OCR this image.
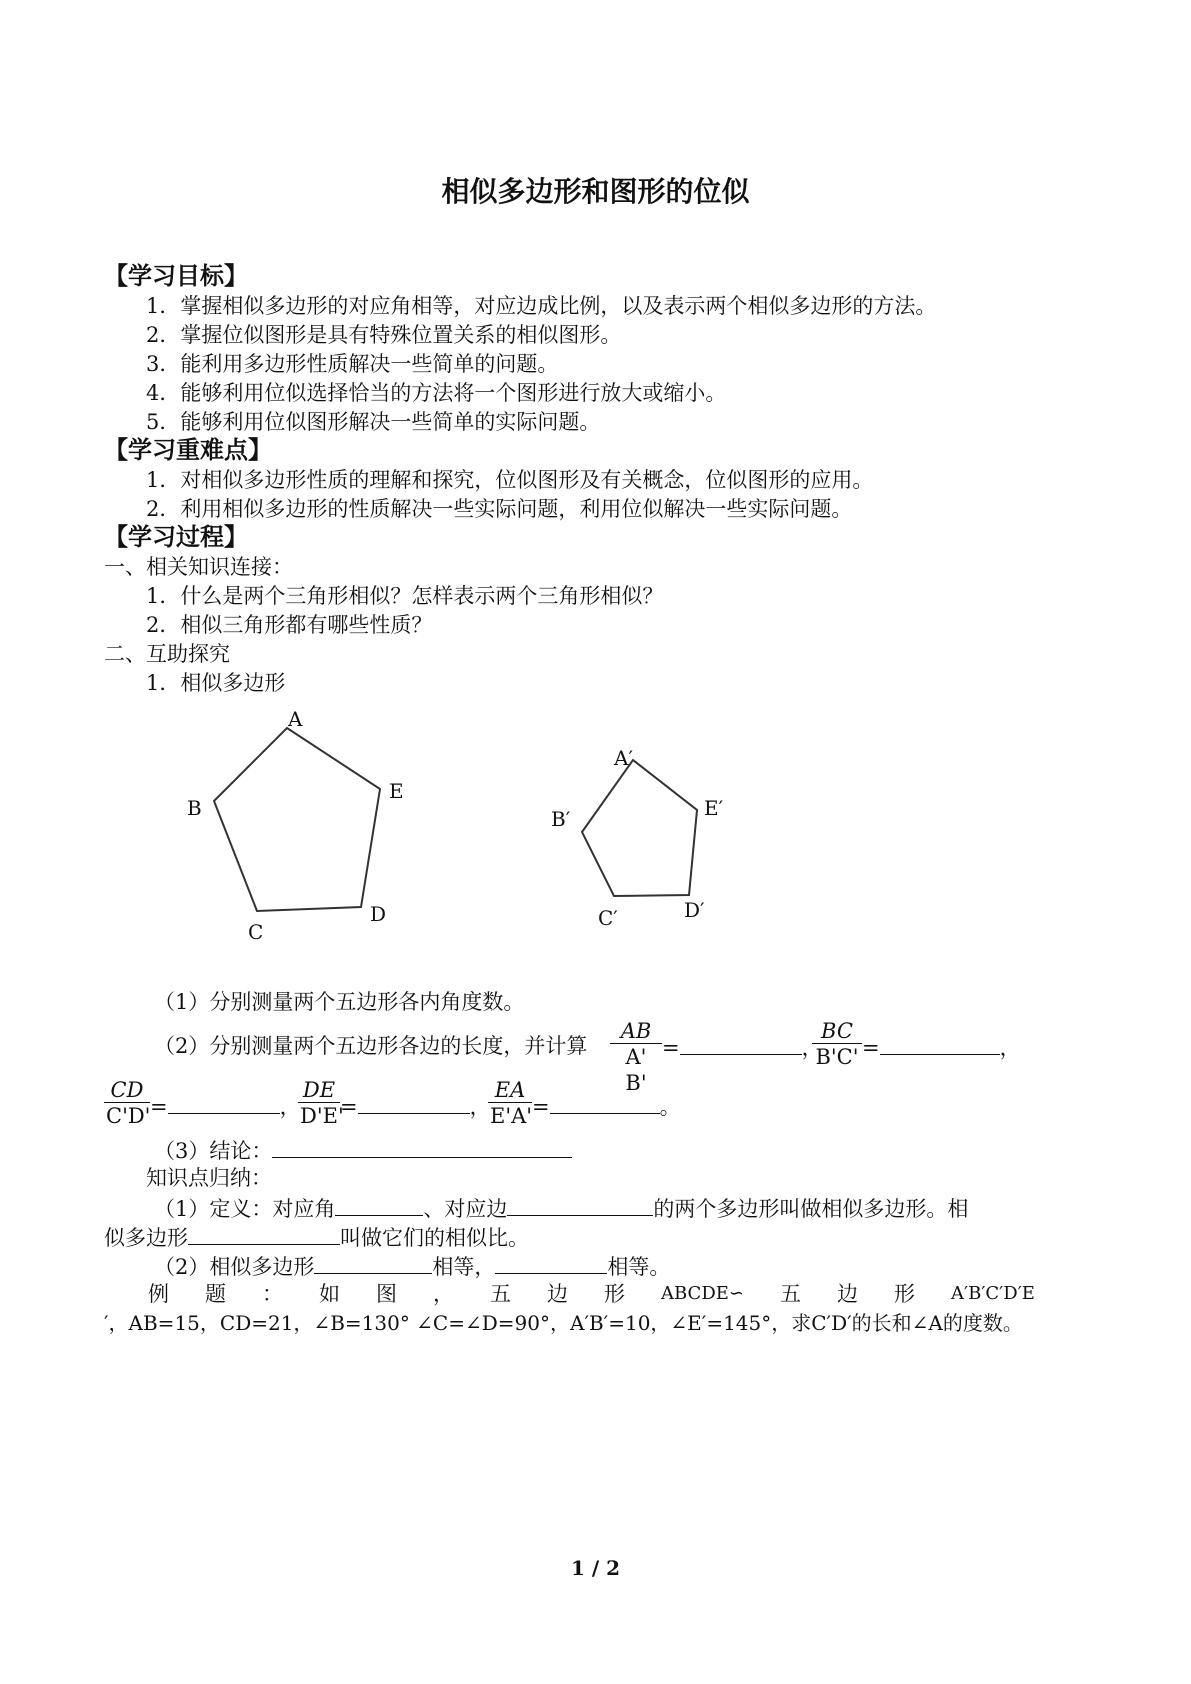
相似多边形和图形的位似
【学习目标】
1．掌握相似多边形的对应角相等，对应边成比例，以及表示两个相似多边形的方法。
2．掌握位似图形是具有特殊位置关系的相似图形。
3．能利用多边形性质解决一些简单的问题。
4．能够利用位似选择恰当的方法将一个图形进行放大或缩小。
5．能够利用位似图形解决一些简单的实际问题。
【学习重难点】
1．对相似多边形性质的理解和探究，位似图形及有关概念，位似图形的应用。
2．利用相似多边形的性质解决一些实际问题，利用位似解决一些实际问题。
【学习过程】
一、相关知识连接：
1．什么是两个三角形相似？怎样表示两个三角形相似？
2．相似三角形都有哪些性质？
二、互助探究
1．相似多边形
A
B
C
D
E
A′
B′
C′	D′
E′
（1）分别测量两个五边形各内角度数。
（2）分别测量两个五边形各边的长度，并计算 $\frac{AB}{A' B'}$ =	，
$\frac{BC}{B'C'}$ =	，
$\frac{CD}{C'D'}$ =	，
$\frac{DE}{D'E'}$ =	，
$\frac{EA}{E'A'}$ =	。
（3）结论：
知识点归纳：
（1）定义：对应角	、对应边	的两个多边形叫做相似多边形。相
似多边形	叫做它们的相似比。
（2）相似多边形	相等，	相等。
例 题 ： 如 图 ， 五 边 形 ABCDE∽ 五 边 形 A′B′C′D′E
′，AB=15，CD=21，∠B=130° ∠C=∠D=90°，A′B′=10，∠E′=145°，求C′D′的长和∠A的度数。
1 / 2
